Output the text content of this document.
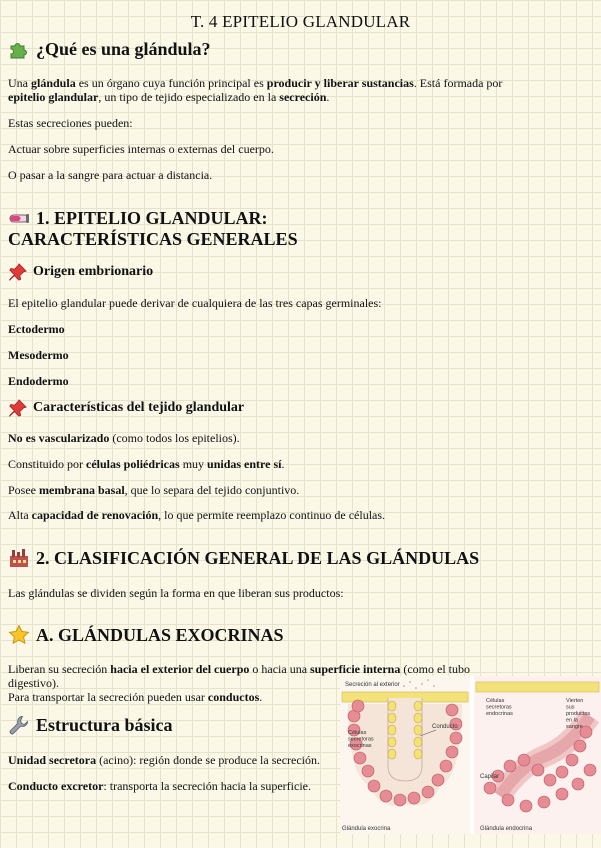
T. 4 EPITELIO GLANDULAR
¿Qué es una glándula?
Una glándula es un órgano cuya función principal es producir y liberar sustancias. Está formada por epitelio glandular, un tipo de tejido especializado en la secreción.
Estas secreciones pueden:
Actuar sobre superficies internas o externas del cuerpo.
O pasar a la sangre para actuar a distancia.
1. EPITELIO GLANDULAR:
CARACTERÍSTICAS GENERALES
Origen embrionario
El epitelio glandular puede derivar de cualquiera de las tres capas germinales:
Ectodermo
Mesodermo
Endodermo
Características del tejido glandular
No es vascularizado (como todos los epitelios).
Constituido por células poliédricas muy unidas entre sí.
Posee membrana basal, que lo separa del tejido conjuntivo.
Alta capacidad de renovación, lo que permite reemplazo continuo de células.
2. CLASIFICACIÓN GENERAL DE LAS GLÁNDULAS
Las glándulas se dividen según la forma en que liberan sus productos:
A. GLÁNDULAS EXOCRINAS
Liberan su secreción hacia el exterior del cuerpo o hacia una superficie interna (como el tubo digestivo).
Para transportar la secreción pueden usar conductos.
Estructura básica
Unidad secretora (acino): región donde se produce la secreción.
Conducto excretor: transporta la secreción hacia la superficie.
Secreción al exterior
Células secretoras exocrinas
Conducto
Glándula exocrina
Células secretoras endocrinas
Vierten sus productos en la sangre
Capilar
Glándula endocrina
